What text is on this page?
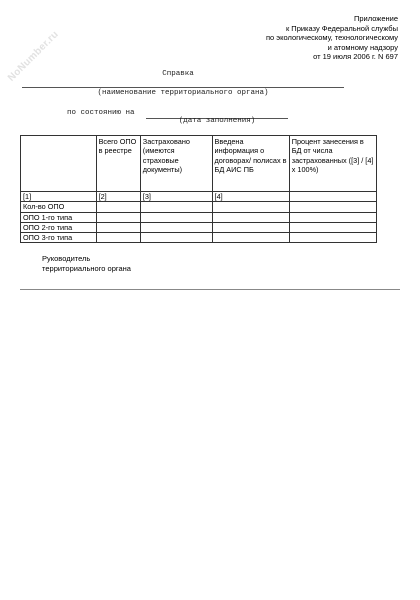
NoNumber.ru
Приложение
к Приказу Федеральной службы
по экологическому, технологическому
и атомному надзору
от 19 июля 2006 г. N 697
Справка
(наименование территориального органа)
по состоянию на
(дата заполнения)
	Всего ОПО в реестре	Застраховано (имеются страховые документы)	Введена информация о договорах/ полисах в БД АИС ПБ	Процент занесения в БД от числа застрахованных ([3] / [4] x 100%)
[1]	[2]	[3]	[4]	
Кол-во ОПО				
ОПО 1-го типа				
ОПО 2-го типа				
ОПО 3-го типа				
Руководитель
территориального органа
